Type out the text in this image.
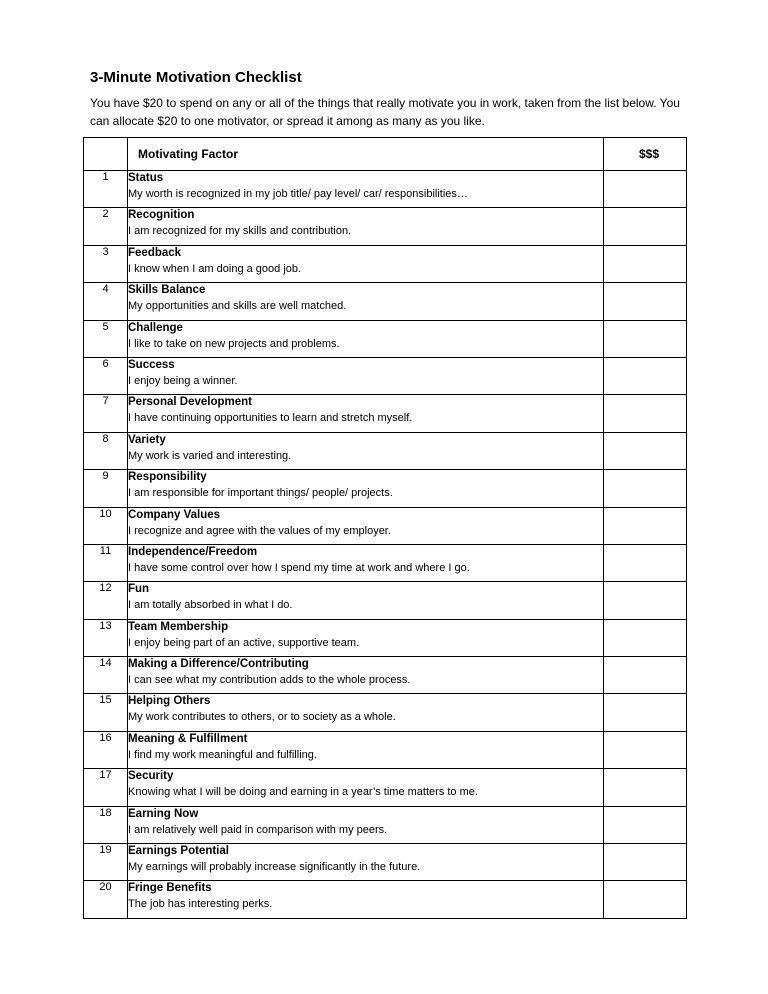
3-Minute Motivation Checklist

You have $20 to spend on any or all of the things that really motivate you in work, taken from the list below. You can allocate $20 to one motivator, or spread it among as many as you like.

	Motivating Factor	$$$
1	Status
My worth is recognized in my job title/ pay level/ car/ responsibilities…	

2	Recognition
I am recognized for my skills and contribution.	

3	Feedback
I know when I am doing a good job.	

4	Skills Balance
My opportunities and skills are well matched.	

5	Challenge
I like to take on new projects and problems.	

6	Success
I enjoy being a winner.	

7	Personal Development
I have continuing opportunities to learn and stretch myself.	

8	Variety
My work is varied and interesting.	

9	Responsibility
I am responsible for important things/ people/ projects.	

10	Company Values
I recognize and agree with the values of my employer.	

11	Independence/Freedom
I have some control over how I spend my time at work and where I go.	

12	Fun
I am totally absorbed in what I do.	

13	Team Membership
I enjoy being part of an active, supportive team.	

14	Making a Difference/Contributing
I can see what my contribution adds to the whole process.	

15	Helping Others
My work contributes to others, or to society as a whole.	

16	Meaning & Fulfillment
I find my work meaningful and fulfilling.	

17	Security
Knowing what I will be doing and earning in a year’s time matters to me.	

18	Earning Now
I am relatively well paid in comparison with my peers.	

19	Earnings Potential
My earnings will probably increase significantly in the future.	

20	Fringe Benefits
The job has interesting perks.	
